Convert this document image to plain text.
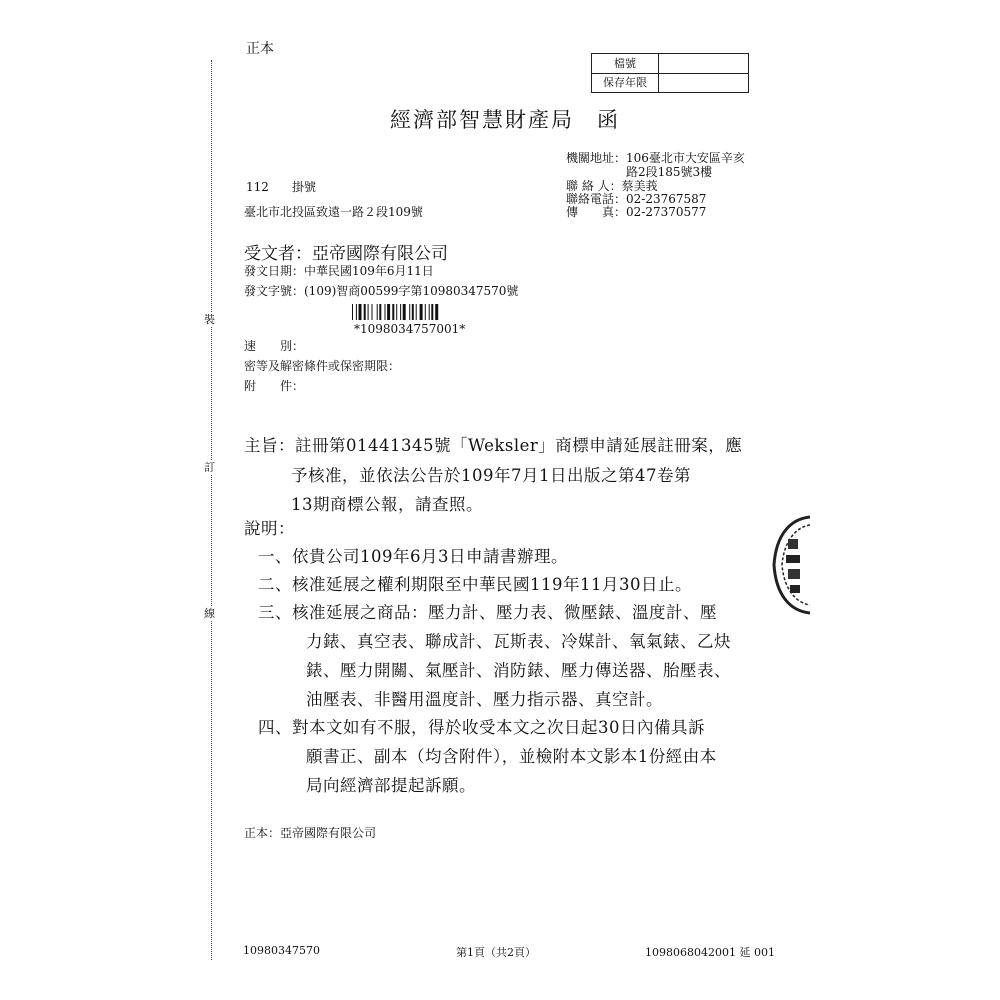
裝
訂
線
正本
檔號
保存年限
經濟部智慧財產局　函
機關地址：106臺北市大安區辛亥
路2段185號3樓
聯 絡 人：蔡美莪
聯絡電話：02-23767587
傳　　真：02-27370577
112 掛號
臺北市北投區致遠一路２段109號
受文者：亞帝國際有限公司
發文日期：中華民國109年6月11日
發文字號：(109)智商00599字第10980347570號
*1098034757001*
速　　別：
密等及解密條件或保密期限：
附　　件：
主旨：註冊第01441345號「Weksler」商標申請延展註冊案，應
予核准，並依法公告於109年7月1日出版之第47卷第
13期商標公報，請查照。
說明：
一、依貴公司109年6月3日申請書辦理。
二、核准延展之權利期限至中華民國119年11月30日止。
三、核准延展之商品：壓力計、壓力表、微壓錶、溫度計、壓
力錶、真空表、聯成計、瓦斯表、冷媒計、氧氣錶、乙炔
錶、壓力開關、氣壓計、消防錶、壓力傳送器、胎壓表、
油壓表、非醫用溫度計、壓力指示器、真空計。
四、對本文如有不服，得於收受本文之次日起30日內備具訴
願書正、副本（均含附件），並檢附本文影本1份經由本
局向經濟部提起訴願。
正本：亞帝國際有限公司
10980347570	第1頁（共2頁）	1098068042001 延 001
